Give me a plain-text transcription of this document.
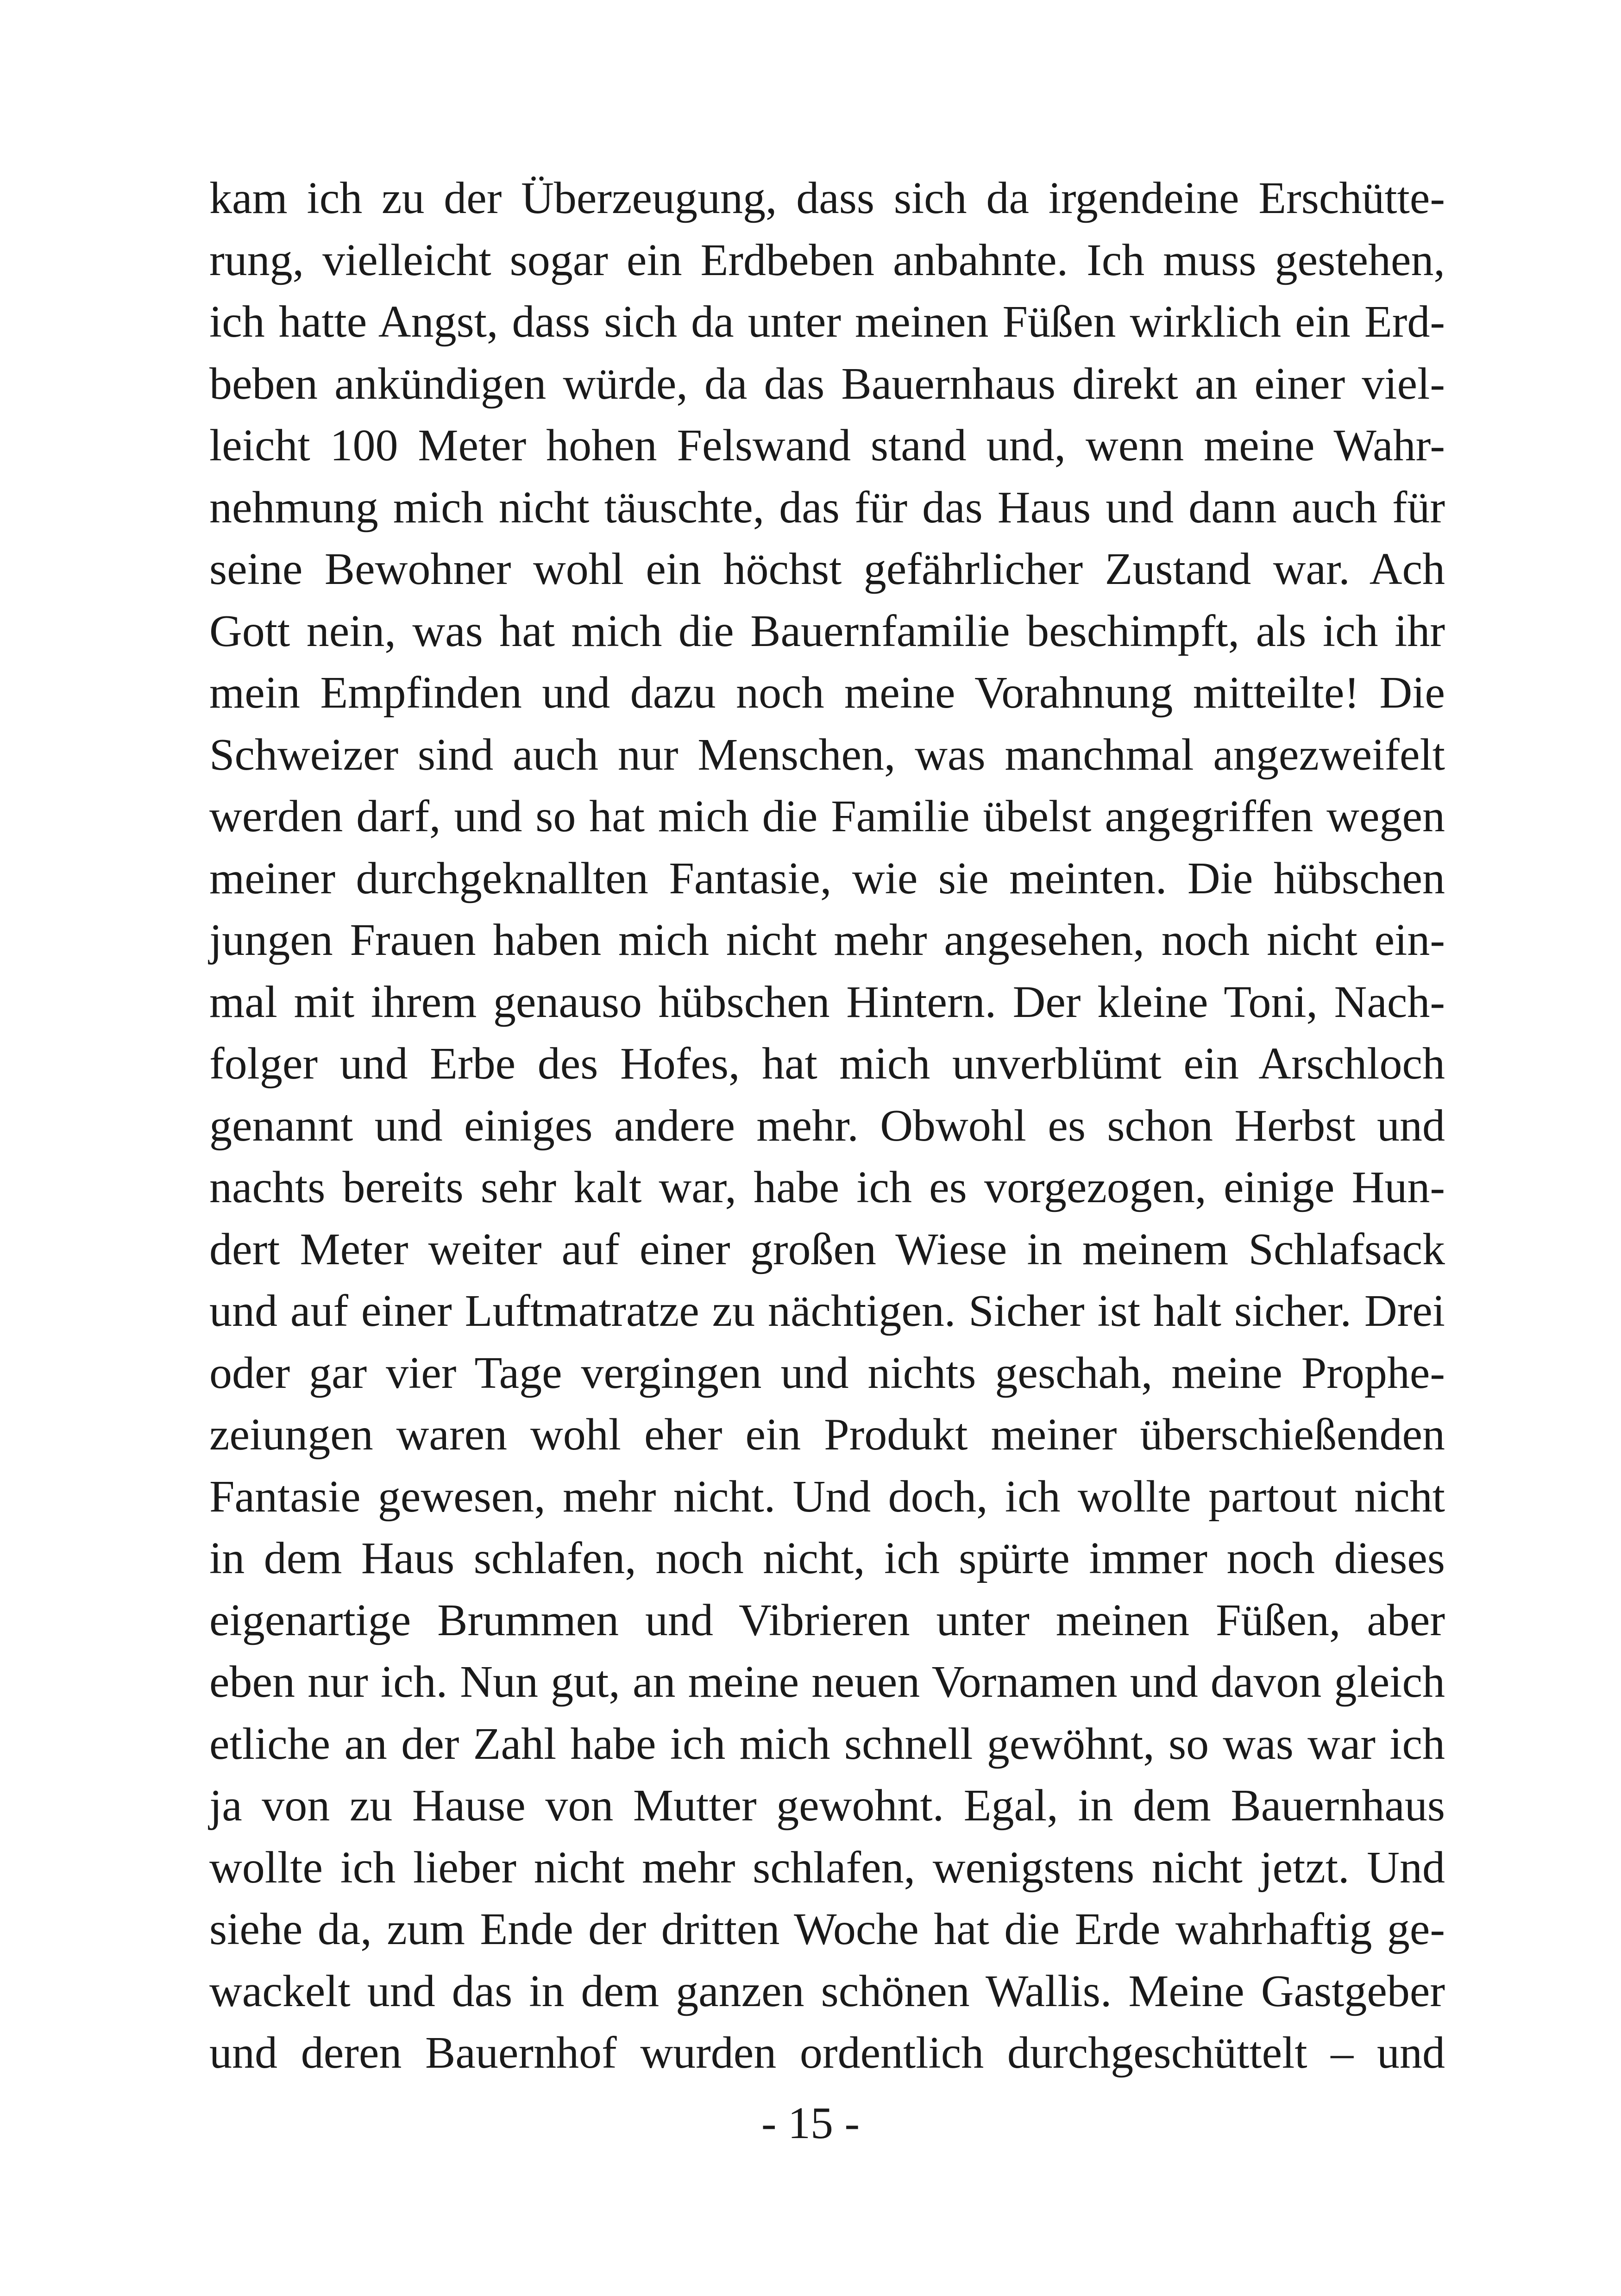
kam ich zu der Überzeugung, dass sich da irgendeine Erschütte-
rung, vielleicht sogar ein Erdbeben anbahnte. Ich muss gestehen,
ich hatte Angst, dass sich da unter meinen Füßen wirklich ein Erd-
beben ankündigen würde, da das Bauernhaus direkt an einer viel-
leicht 100 Meter hohen Felswand stand und, wenn meine Wahr-
nehmung mich nicht täuschte, das für das Haus und dann auch für
seine Bewohner wohl ein höchst gefährlicher Zustand war. Ach
Gott nein, was hat mich die Bauernfamilie beschimpft, als ich ihr
mein Empfinden und dazu noch meine Vorahnung mitteilte! Die
Schweizer sind auch nur Menschen, was manchmal angezweifelt
werden darf, und so hat mich die Familie übelst angegriffen wegen
meiner durchgeknallten Fantasie, wie sie meinten. Die hübschen
jungen Frauen haben mich nicht mehr angesehen, noch nicht ein-
mal mit ihrem genauso hübschen Hintern. Der kleine Toni, Nach-
folger und Erbe des Hofes, hat mich unverblümt ein Arschloch
genannt und einiges andere mehr. Obwohl es schon Herbst und
nachts bereits sehr kalt war, habe ich es vorgezogen, einige Hun-
dert Meter weiter auf einer großen Wiese in meinem Schlafsack
und auf einer Luftmatratze zu nächtigen. Sicher ist halt sicher. Drei
oder gar vier Tage vergingen und nichts geschah, meine Prophe-
zeiungen waren wohl eher ein Produkt meiner überschießenden
Fantasie gewesen, mehr nicht. Und doch, ich wollte partout nicht
in dem Haus schlafen, noch nicht, ich spürte immer noch dieses
eigenartige Brummen und Vibrieren unter meinen Füßen, aber
eben nur ich. Nun gut, an meine neuen Vornamen und davon gleich
etliche an der Zahl habe ich mich schnell gewöhnt, so was war ich
ja von zu Hause von Mutter gewohnt. Egal, in dem Bauernhaus
wollte ich lieber nicht mehr schlafen, wenigstens nicht jetzt. Und
siehe da, zum Ende der dritten Woche hat die Erde wahrhaftig ge-
wackelt und das in dem ganzen schönen Wallis. Meine Gastgeber
und deren Bauernhof wurden ordentlich durchgeschüttelt – und
- 15 -
